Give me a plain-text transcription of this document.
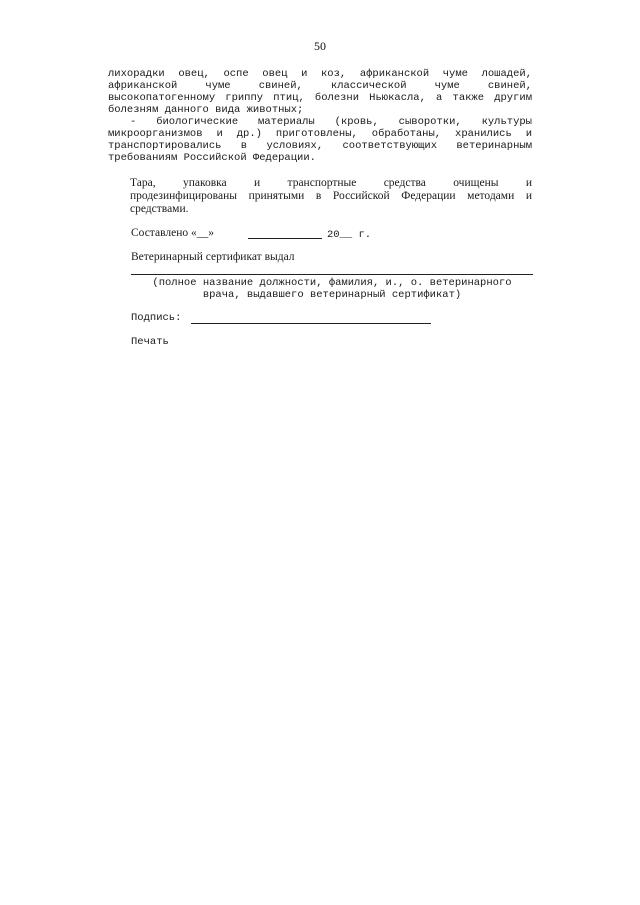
50
лихорадки овец, оспе овец и коз, африканской чуме лошадей,
африканской чуме свиней, классической чуме свиней,
высокопатогенному гриппу птиц, болезни Ньюкасла, а также другим
болезням данного вида животных;
- биологические материалы (кровь, сыворотки, культуры
микроорганизмов и др.) приготовлены, обработаны, хранились и
транспортировались в условиях, соответствующих ветеринарным
требованиям Российской Федерации.
Тара, упаковка и транспортные средства очищены и
продезинфицированы принятыми в Российской Федерации методами и
средствами.
Составлено «__»	20__ г.
Ветеринарный сертификат выдал
(полное название должности, фамилия, и., о. ветеринарного
врача, выдавшего ветеринарный сертификат)
Подпись:
Печать
